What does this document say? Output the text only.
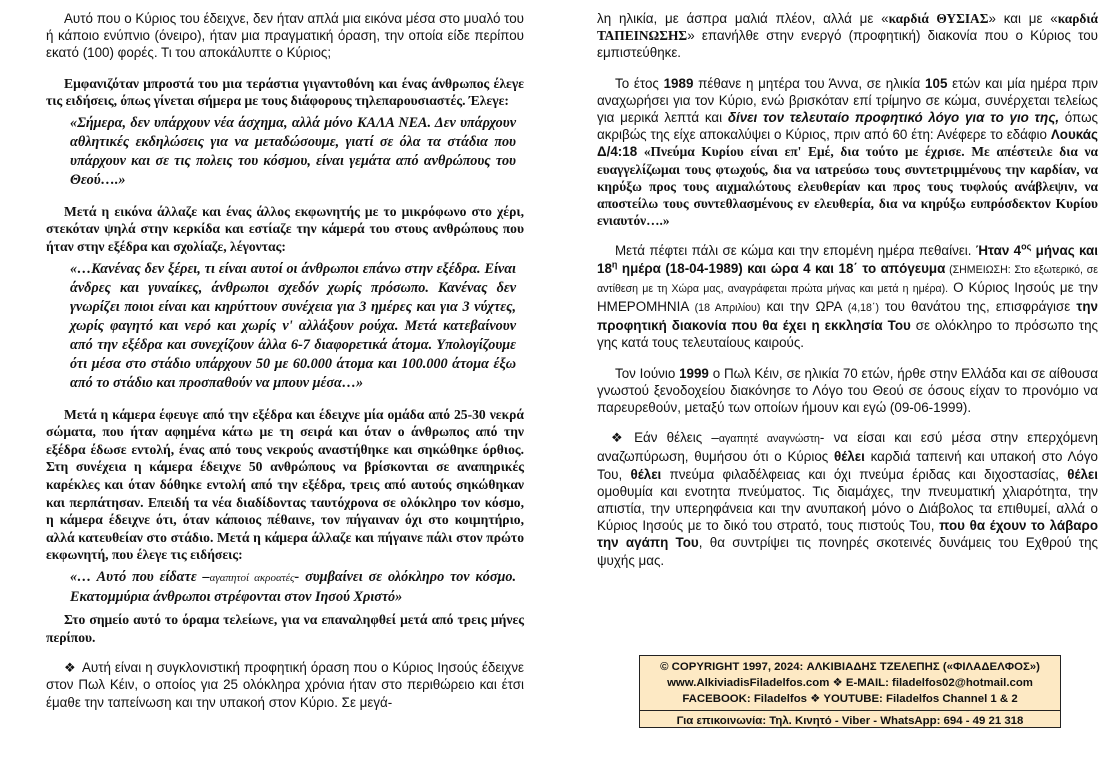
Αυτό που ο Κύριος του έδειχνε, δεν ήταν απλά μια εικόνα μέσα στο μυαλό του ή κάποιο ενύπνιο (όνειρο), ήταν μια πραγματική όραση, την οποία είδε περίπου εκατό (100) φορές. Τι του αποκάλυπτε ο Κύριος;

Εμφανιζόταν μπροστά του μια τεράστια γιγαντοθόνη και ένας άνθρωπος έλεγε τις ειδήσεις, όπως γίνεται σήμερα με τους διάφορους τηλεπαρουσιαστές. Έλεγε:

«Σήμερα, δεν υπάρχουν νέα άσχημα, αλλά μόνο ΚΑΛΑ ΝΕΑ. Δεν υπάρχουν αθλητικές εκδηλώσεις για να μεταδώσουμε, γιατί σε όλα τα στάδια που υπάρχουν και σε τις πολεις του κόσμου, είναι γεμάτα από ανθρώπους του Θεού….»

Μετά η εικόνα άλλαζε και ένας άλλος εκφωνητής με το μικρόφωνο στο χέρι, στεκόταν ψηλά στην κερκίδα και εστίαζε την κάμερά του στους ανθρώπους που ήταν στην εξέδρα και σχολίαζε, λέγοντας:

«…Κανένας δεν ξέρει, τι είναι αυτοί οι άνθρωποι επάνω στην εξέδρα. Είναι άνδρες και γυναίκες, άνθρωποι σχεδόν χωρίς πρόσωπο. Κανένας δεν γνωρίζει ποιοι είναι και κηρύττουν συνέχεια για 3 ημέρες και για 3 νύχτες, χωρίς φαγητό και νερό και χωρίς ν' αλλάξουν ρούχα. Μετά κατεβαίνουν από την εξέδρα και συνεχίζουν άλλα 6-7 διαφορετικά άτομα. Υπολογίζουμε ότι μέσα στο στάδιο υπάρχουν 50 με 60.000 άτομα και 100.000 άτομα έξω από το στάδιο και προσπαθούν να μπουν μέσα…»

Μετά η κάμερα έφευγε από την εξέδρα και έδειχνε μία ομάδα από 25-30 νεκρά σώματα, που ήταν αφημένα κάτω με τη σειρά και όταν ο άνθρωπος από την εξέδρα έδωσε εντολή, ένας από τους νεκρούς αναστήθηκε και σηκώθηκε όρθιος. Στη συνέχεια η κάμερα έδειχνε 50 ανθρώπους να βρίσκονται σε αναπηρικές καρέκλες και όταν δόθηκε εντολή από την εξέδρα, τρεις από αυτούς σηκώθηκαν και περπάτησαν. Επειδή τα νέα διαδίδοντας ταυτόχρονα σε ολόκληρο τον κόσμο, η κάμερα έδειχνε ότι, όταν κάποιος πέθαινε, τον πήγαιναν όχι στο κοιμητήριο, αλλά κατευθείαν στο στάδιο. Μετά η κάμερα άλλαζε και πήγαινε πάλι στον πρώτο εκφωνητή, που έλεγε τις ειδήσεις:

«… Αυτό που είδατε –αγαπητοί ακροατές- συμβαίνει σε ολόκληρο τον κόσμο. Εκατομμύρια άνθρωποι στρέφονται στον Ιησού Χριστό»

Στο σημείο αυτό το όραμα τελείωνε, για να επαναληφθεί μετά από τρεις μήνες περίπου.

❖ Αυτή είναι η συγκλονιστική προφητική όραση που ο Κύριος Ιησούς έδειχνε στον Πωλ Κέιν, ο οποίος για 25 ολόκληρα χρόνια ήταν στο περιθώρειο και έτσι έμαθε την ταπείνωση και την υπακοή στον Κύριο. Σε μεγά-

λη ηλικία, με άσπρα μαλιά πλέον, αλλά με «καρδιά ΘΥΣΙΑΣ» και με «καρδιά ΤΑΠΕΙΝΩΣΗΣ» επανήλθε στην ενεργό (προφητική) διακονία που ο Κύριος του εμπιστεύθηκε.

Το έτος 1989 πέθανε η μητέρα του Άννα, σε ηλικία 105 ετών και μία ημέρα πριν αναχωρήσει για τον Κύριο, ενώ βρισκόταν επί τρίμηνο σε κώμα, συνέρχεται τελείως για μερικά λεπτά και δίνει τον τελευταίο προφητικό λόγο για το γιο της, όπως ακριβώς της είχε αποκαλύψει ο Κύριος, πριν από 60 έτη: Ανέφερε το εδάφιο Λουκάς Δ/4:18 «Πνεύμα Κυρίου είναι επ' Εμέ, δια τούτο με έχρισε. Με απέστειλε δια να ευαγγελίζωμαι τους φτωχούς, δια να ιατρεύσω τους συντετριμμένους την καρδίαν, να κηρύξω προς τους αιχμαλώτους ελευθερίαν και προς τους τυφλούς ανάβλεψιν, να αποστείλω τους συντεθλασμένους εν ελευθερία, δια να κηρύξω ευπρόσδεκτον Κυρίου ενιαυτόν….»

Μετά πέφτει πάλι σε κώμα και την επομένη ημέρα πεθαίνει. Ήταν $4^{o\varsigma}$ μήνας και $18^\eta$ ημέρα (18-04-1989) και ώρα 4 και 18΄ το απόγευμα (ΣΗΜΕΙΩΣΗ: Στο εξωτερικό, σε αντίθεση με τη Χώρα μας, αναγράφεται πρώτα μήνας και μετά η ημέρα). Ο Κύριος Ιησούς με την ΗΜΕΡΟΜΗΝΙΑ (18 Απριλίου) και την ΩΡΑ (4,18΄) του θανάτου της, επισφράγισε την προφητική διακονία που θα έχει η εκκλησία Του σε ολόκληρο το πρόσωπο της γης κατά τους τελευταίους καιρούς.

Τον Ιούνιο 1999 ο Πωλ Κέιν, σε ηλικία 70 ετών, ήρθε στην Ελλάδα και σε αίθουσα γνωστού ξενοδοχείου διακόνησε το Λόγο του Θεού σε όσους είχαν το προνόμιο να παρευρεθούν, μεταξύ των οποίων ήμουν και εγώ (09-06-1999).

❖ Εάν θέλεις –αγαπητέ αναγνώστη- να είσαι και εσύ μέσα στην επερχόμενη αναζωπύρωση, θυμήσου ότι ο Κύριος θέλει καρδιά ταπεινή και υπακοή στο Λόγο Του, θέλει πνεύμα φιλαδέλφειας και όχι πνεύμα έριδας και διχοστασίας, θέλει ομοθυμία και ενοτητα πνεύματος. Τις διαμάχες, την πνευματική χλιαρότητα, την απιστία, την υπερηφάνεια και την ανυπακοή μόνο ο Διάβολος τα επιθυμεί, αλλά ο Κύριος Ιησούς με το δικό του στρατό, τους πιστούς Του, που θα έχουν το λάβαρο την αγάπη Του, θα συντρίψει τις πονηρές σκοτεινές δυνάμεις του Εχθρού της ψυχής μας.

© COPYRIGHT 1997, 2024: ΑΛΚΙΒΙΑΔΗΣ ΤΖΕΛΕΠΗΣ («ΦΙΛΑΔΕΛΦΟΣ»)
www.AlkiviadisFiladelfos.com ❖ E-MAIL: filadelfos02@hotmail.com
FACEBOOK: Filadelfos ❖ YOUTUBE: Filadelfos Channel 1 & 2
Για επικοινωνία: Τηλ. Κινητό - Viber - WhatsApp: 694 - 49 21 318
